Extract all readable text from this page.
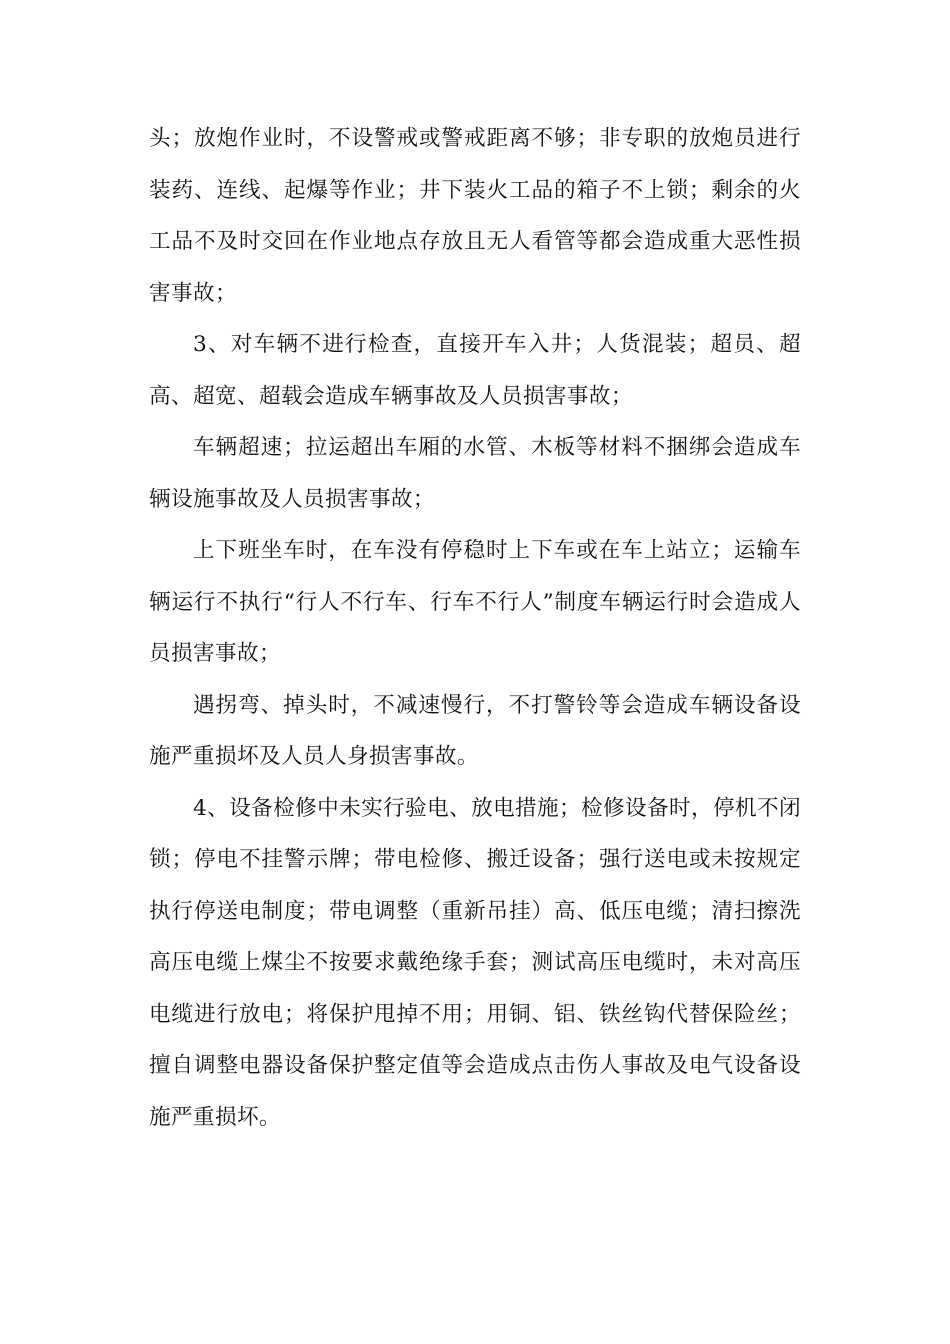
头；放炮作业时，不设警戒或警戒距离不够；非专职的放炮员进行装药、连线、起爆等作业；井下装火工品的箱子不上锁；剩余的火工品不及时交回在作业地点存放且无人看管等都会造成重大恶性损害事故；

3、对车辆不进行检查，直接开车入井；人货混装；超员、超高、超宽、超载会造成车辆事故及人员损害事故；

车辆超速；拉运超出车厢的水管、木板等材料不捆绑会造成车辆设施事故及人员损害事故；

上下班坐车时，在车没有停稳时上下车或在车上站立；运输车辆运行不执行“行人不行车、行车不行人”制度车辆运行时会造成人员损害事故；

遇拐弯、掉头时，不减速慢行，不打警铃等会造成车辆设备设施严重损坏及人员人身损害事故。

4、设备检修中未实行验电、放电措施；检修设备时，停机不闭锁；停电不挂警示牌；带电检修、搬迁设备；强行送电或未按规定执行停送电制度；带电调整（重新吊挂）高、低压电缆；清扫擦洗高压电缆上煤尘不按要求戴绝缘手套；测试高压电缆时，未对高压电缆进行放电；将保护甩掉不用；用铜、铝、铁丝钩代替保险丝；擅自调整电器设备保护整定值等会造成点击伤人事故及电气设备设施严重损坏。
